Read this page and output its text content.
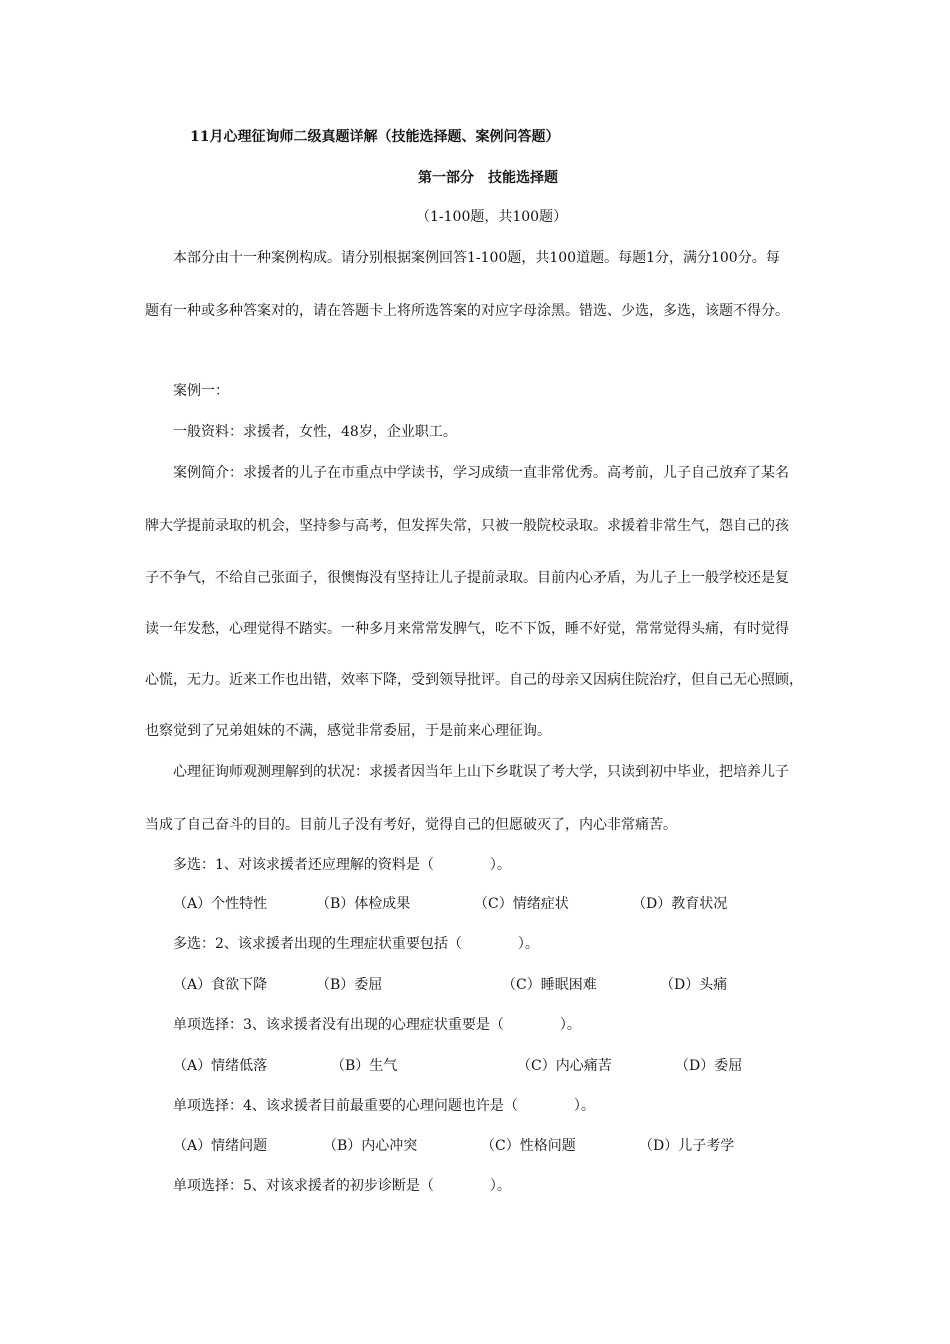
11月心理征询师二级真题详解（技能选择题、案例问答题）
第一部分　技能选择题
（1-100题，共100题）
本部分由十一种案例构成。请分别根据案例回答1-100题，共100道题。每题1分，满分100分。每
题有一种或多种答案对的，请在答题卡上将所选答案的对应字母涂黑。错选、少选，多选，该题不得分。
案例一：
一般资料：求援者，女性，48岁，企业职工。
案例简介：求援者的儿子在市重点中学读书，学习成绩一直非常优秀。高考前，儿子自己放弃了某名
牌大学提前录取的机会，坚持参与高考，但发挥失常，只被一般院校录取。求援着非常生气，怨自己的孩
子不争气，不给自己张面子，很懊悔没有坚持让儿子提前录取。目前内心矛盾，为儿子上一般学校还是复
读一年发愁，心理觉得不踏实。一种多月来常常发脾气，吃不下饭，睡不好觉，常常觉得头痛，有时觉得
心慌，无力。近来工作也出错，效率下降，受到领导批评。自己的母亲又因病住院治疗，但自己无心照顾，
也察觉到了兄弟姐妹的不满，感觉非常委屈，于是前来心理征询。
心理征询师观测理解到的状况：求援者因当年上山下乡耽误了考大学，只读到初中毕业，把培养儿子
当成了自己奋斗的目的。目前儿子没有考好，觉得自己的但愿破灭了，内心非常痛苦。
多选：1、对该求援者还应理解的资料是（　　　　）。
（A）个性特性	（B）体检成果	（C）情绪症状	（D）教育状况
多选：2、该求援者出现的生理症状重要包括（　　　　）。
（A）食欲下降	（B）委屈	（C）睡眠困难	（D）头痛
单项选择：3、该求援者没有出现的心理症状重要是（　　　　）。
（A）情绪低落	（B）生气	（C）内心痛苦	（D）委屈
单项选择：4、该求援者目前最重要的心理问题也许是（　　　　）。
（A）情绪问题	（B）内心冲突	（C）性格问题	（D）儿子考学
单项选择：5、对该求援者的初步诊断是（　　　　）。
